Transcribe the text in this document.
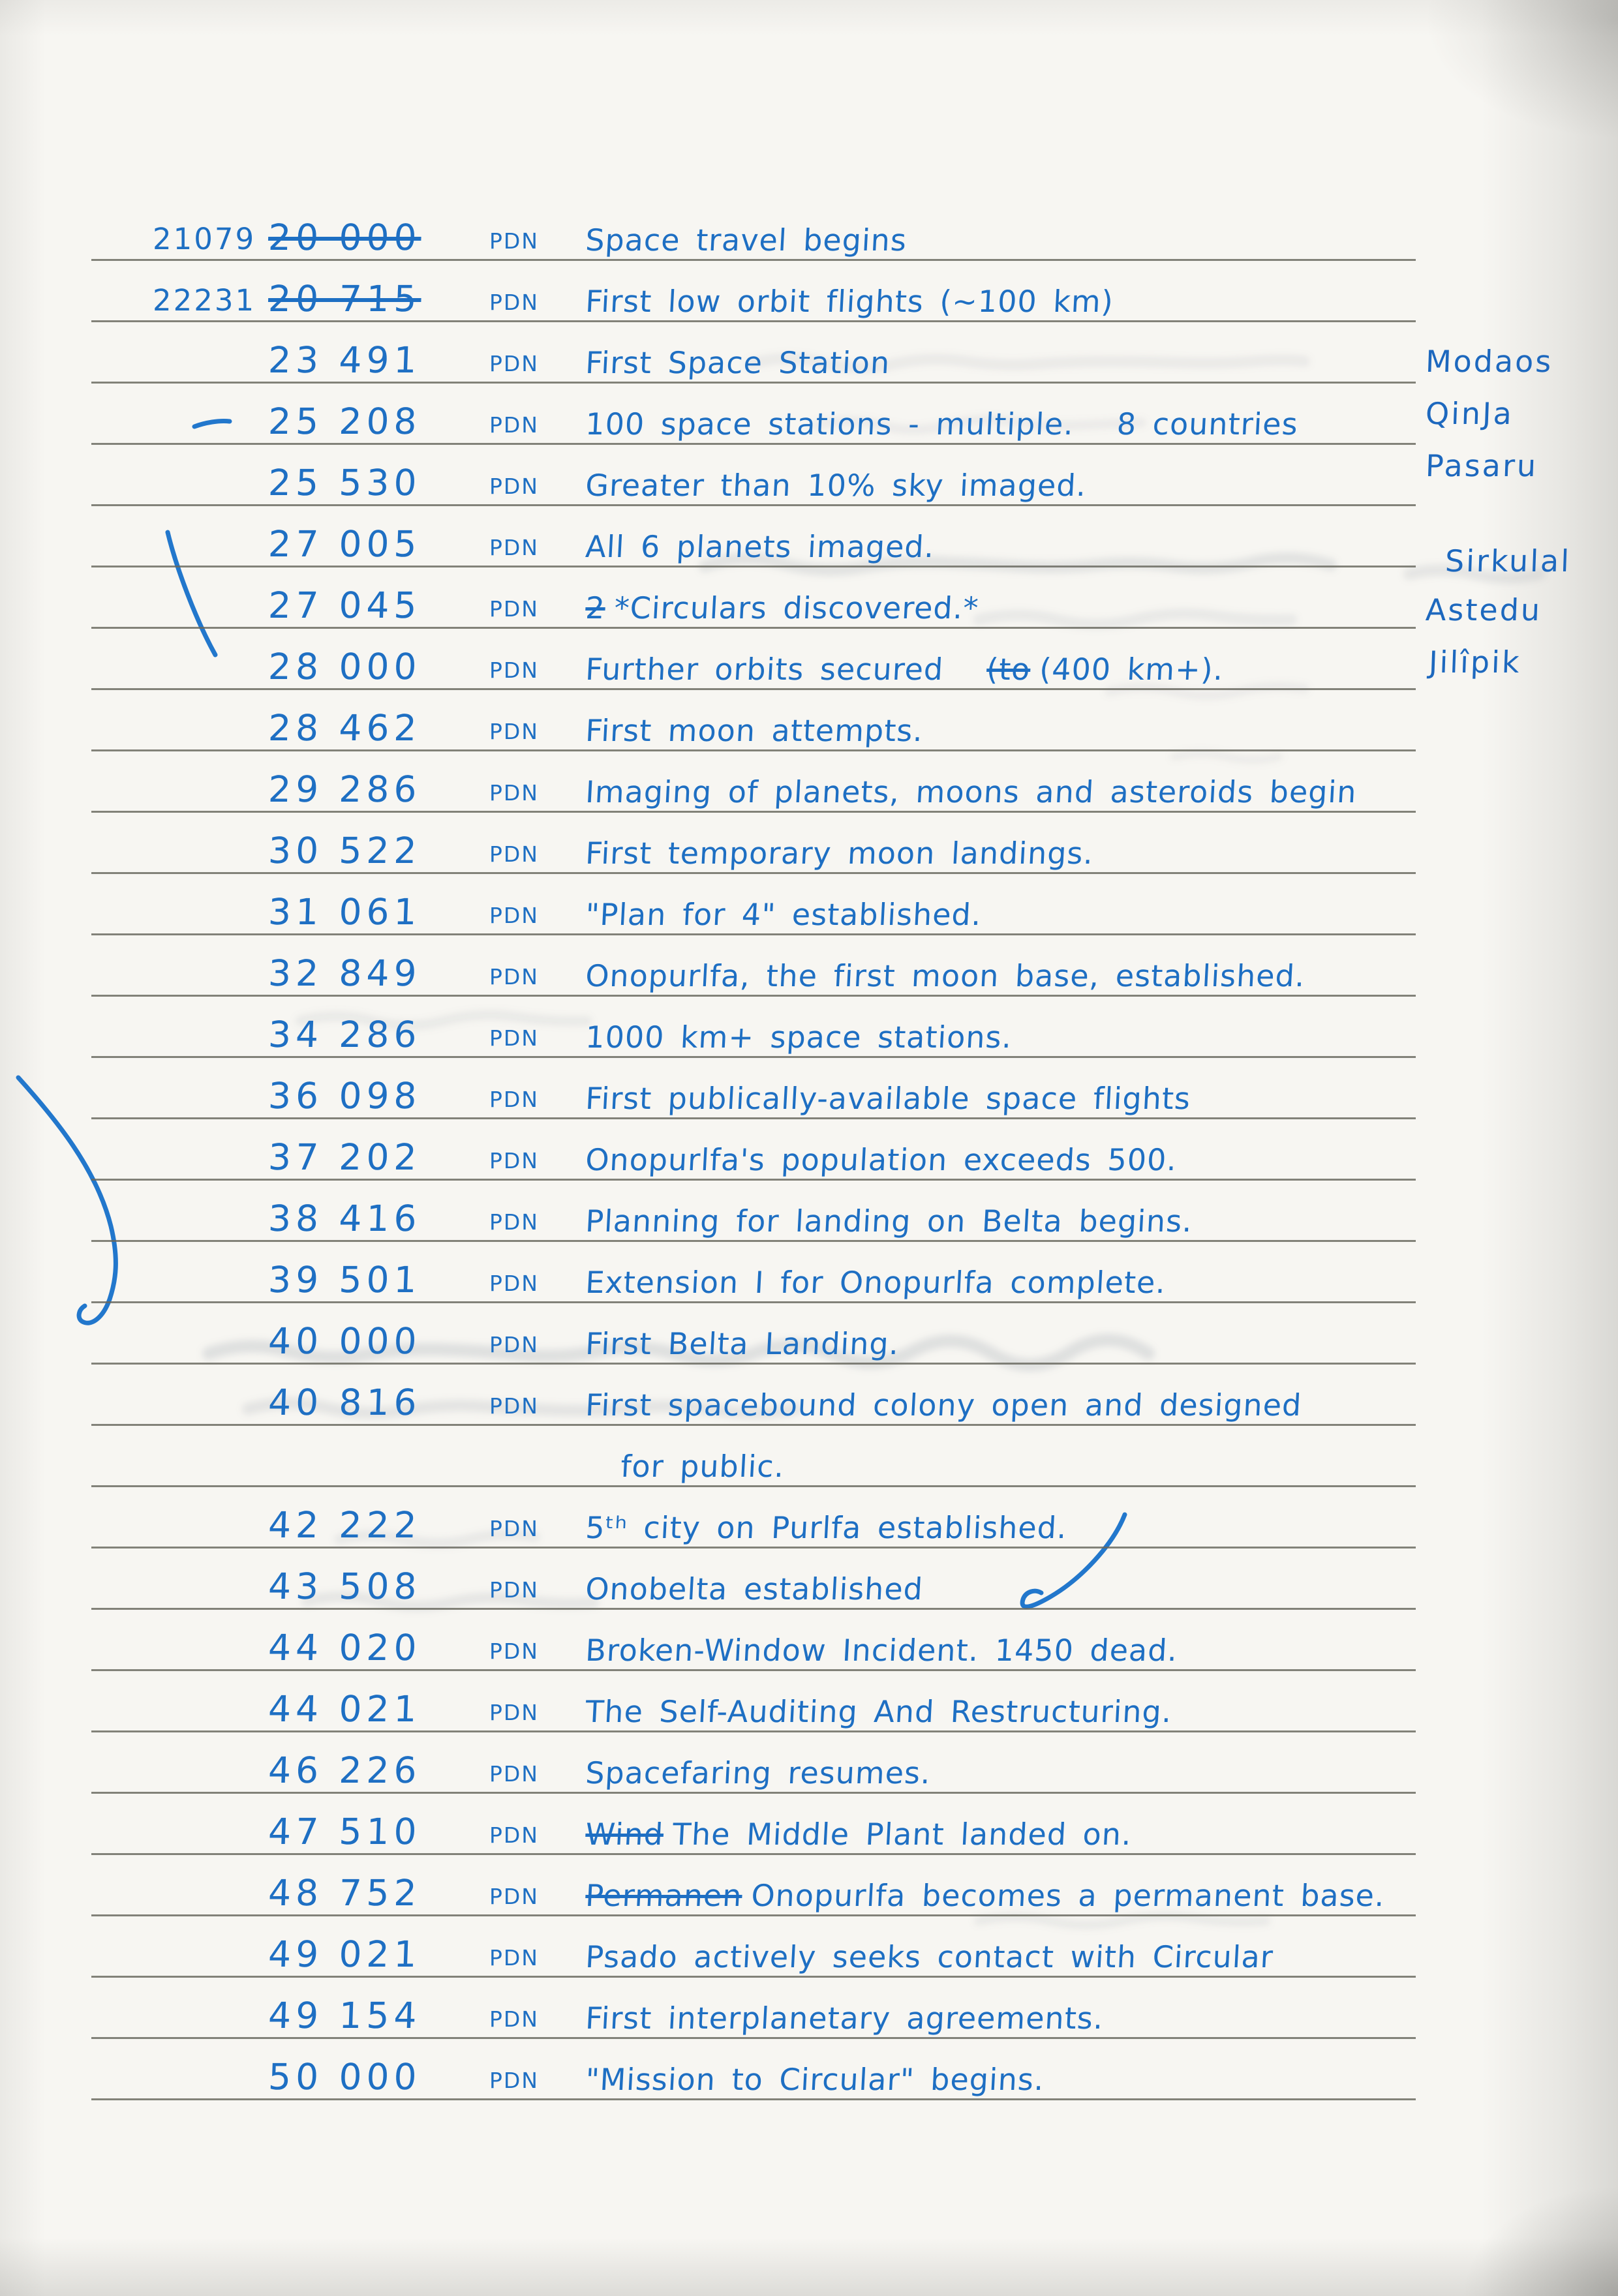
21079 20 000	PDN Space travel begins
22231 20 715	PDN First low orbit flights (~100 km)
23 491	PDN First Space Station
25 208	PDN 100 space stations - multiple. 8 countries
25 530	PDN Greater than 10% sky imaged.
27 005	PDN All 6 planets imaged.
27 045	PDN 2 *Circulars discovered.*
28 000	PDN Further orbits secured (to (400 km+).
28 462	PDN First moon attempts.
29 286	PDN Imaging of planets, moons and asteroids begin
30 522	PDN First temporary moon landings.
31 061	PDN "Plan for 4" established.
32 849	PDN Onopurlfa, the first moon base, established.
34 286	PDN 1000 km+ space stations.
36 098	PDN First publically-available space flights
37 202	PDN Onopurlfa's population exceeds 500.
38 416	PDN Planning for landing on Belta begins.
39 501	PDN Extension I for Onopurlfa complete.
40 000	PDN First Belta Landing.
40 816	PDN First spacebound colony open and designed
for public.
42 222	PDN 5ᵗʰ city on Purlfa established.
43 508	PDN Onobelta established
44 020	PDN Broken-Window Incident. 1450 dead.
44 021	PDN The Self-Auditing And Restructuring.
46 226	PDN Spacefaring resumes.
47 510	PDN Wind The Middle Plant landed on.
48 752	PDN Permanen Onopurlfa becomes a permanent base.
49 021	PDN Psado actively seeks contact with Circular
49 154	PDN First interplanetary agreements.
50 000	PDN "Mission to Circular" begins.
Modaos
QinJa
Pasaru
Sirkulal
Astedu
Jilîpik
